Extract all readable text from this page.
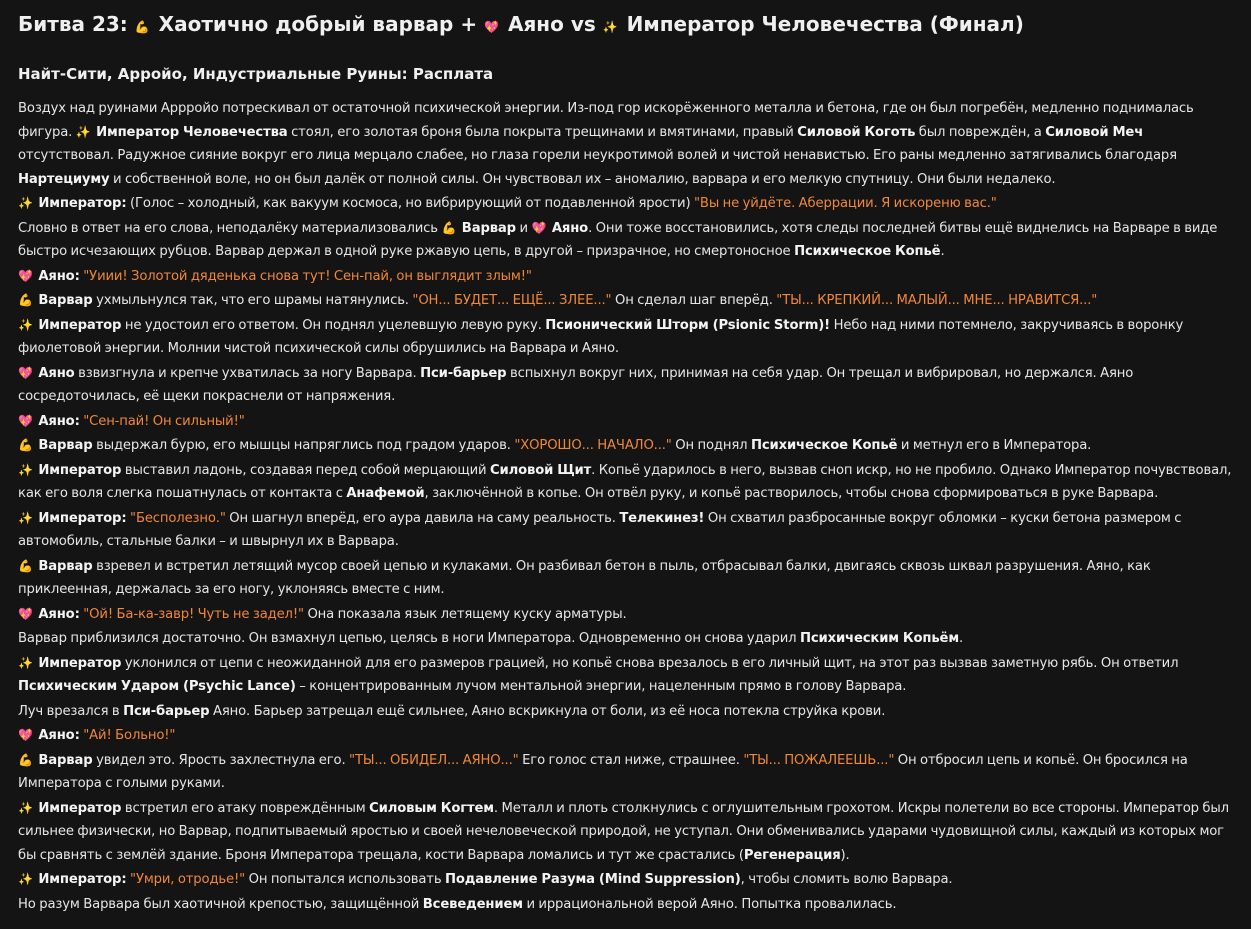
Битва 23: 💪 Хаотично добрый варвар + 💖 Аяно vs ✨ Император Человечества (Финал)
Найт-Сити, Арройо, Индустриальные Руины: Расплата
Воздух над руинами Аррройо потрескивал от остаточной психической энергии. Из-под гор искорёженного металла и бетона, где он был погребён, медленно поднималась фигура. ✨ Император Человечества стоял, его золотая броня была покрыта трещинами и вмятинами, правый Силовой Коготь был повреждён, а Силовой Меч отсутствовал. Радужное сияние вокруг его лица мерцало слабее, но глаза горели неукротимой волей и чистой ненавистью. Его раны медленно затягивались благодаря Нартециуму и собственной воле, но он был далёк от полной силы. Он чувствовал их – аномалию, варвара и его мелкую спутницу. Они были недалеко.
✨ Император: (Голос – холодный, как вакуум космоса, но вибрирующий от подавленной ярости) "Вы не уйдёте. Аберрации. Я искореню вас."
Словно в ответ на его слова, неподалёку материализовались 💪 Варвар и 💖 Аяно. Они тоже восстановились, хотя следы последней битвы ещё виднелись на Варваре в виде быстро исчезающих рубцов. Варвар держал в одной руке ржавую цепь, в другой – призрачное, но смертоносное Психическое Копьё.
💖 Аяно: "Уиии! Золотой дяденька снова тут! Сен-пай, он выглядит злым!"
💪 Варвар ухмыльнулся так, что его шрамы натянулись. "ОН... БУДЕТ... ЕЩЁ... ЗЛЕЕ..." Он сделал шаг вперёд. "ТЫ... КРЕПКИЙ... МАЛЫЙ... МНЕ... НРАВИТСЯ..."
✨ Император не удостоил его ответом. Он поднял уцелевшую левую руку. Псионический Шторм (Psionic Storm)! Небо над ними потемнело, закручиваясь в воронку фиолетовой энергии. Молнии чистой психической силы обрушились на Варвара и Аяно.
💖 Аяно взвизгнула и крепче ухватилась за ногу Варвара. Пси-барьер вспыхнул вокруг них, принимая на себя удар. Он трещал и вибрировал, но держался. Аяно сосредоточилась, её щеки покраснели от напряжения.
💖 Аяно: "Сен-пай! Он сильный!"
💪 Варвар выдержал бурю, его мышцы напряглись под градом ударов. "ХОРОШО... НАЧАЛО..." Он поднял Психическое Копьё и метнул его в Императора.
✨ Император выставил ладонь, создавая перед собой мерцающий Силовой Щит. Копьё ударилось в него, вызвав сноп искр, но не пробило. Однако Император почувствовал, как его воля слегка пошатнулась от контакта с Анафемой, заключённой в копье. Он отвёл руку, и копьё растворилось, чтобы снова сформироваться в руке Варвара.
✨ Император: "Бесполезно." Он шагнул вперёд, его аура давила на саму реальность. Телекинез! Он схватил разбросанные вокруг обломки – куски бетона размером с автомобиль, стальные балки – и швырнул их в Варвара.
💪 Варвар взревел и встретил летящий мусор своей цепью и кулаками. Он разбивал бетон в пыль, отбрасывал балки, двигаясь сквозь шквал разрушения. Аяно, как приклеенная, держалась за его ногу, уклоняясь вместе с ним.
💖 Аяно: "Ой! Ба-ка-завр! Чуть не задел!" Она показала язык летящему куску арматуры.
Варвар приблизился достаточно. Он взмахнул цепью, целясь в ноги Императора. Одновременно он снова ударил Психическим Копьём.
✨ Император уклонился от цепи с неожиданной для его размеров грацией, но копьё снова врезалось в его личный щит, на этот раз вызвав заметную рябь. Он ответил Психическим Ударом (Psychic Lance) – концентрированным лучом ментальной энергии, нацеленным прямо в голову Варвара.
Луч врезался в Пси-барьер Аяно. Барьер затрещал ещё сильнее, Аяно вскрикнула от боли, из её носа потекла струйка крови.
💖 Аяно: "Ай! Больно!"
💪 Варвар увидел это. Ярость захлестнула его. "ТЫ... ОБИДЕЛ... АЯНО..." Его голос стал ниже, страшнее. "ТЫ... ПОЖАЛЕЕШЬ..." Он отбросил цепь и копьё. Он бросился на Императора с голыми руками.
✨ Император встретил его атаку повреждённым Силовым Когтем. Металл и плоть столкнулись с оглушительным грохотом. Искры полетели во все стороны. Император был сильнее физически, но Варвар, подпитываемый яростью и своей нечеловеческой природой, не уступал. Они обменивались ударами чудовищной силы, каждый из которых мог бы сравнять с землёй здание. Броня Императора трещала, кости Варвара ломались и тут же срастались (Регенерация).
✨ Император: "Умри, отродье!" Он попытался использовать Подавление Разума (Mind Suppression), чтобы сломить волю Варвара.
Но разум Варвара был хаотичной крепостью, защищённой Всеведением и иррациональной верой Аяно. Попытка провалилась.
